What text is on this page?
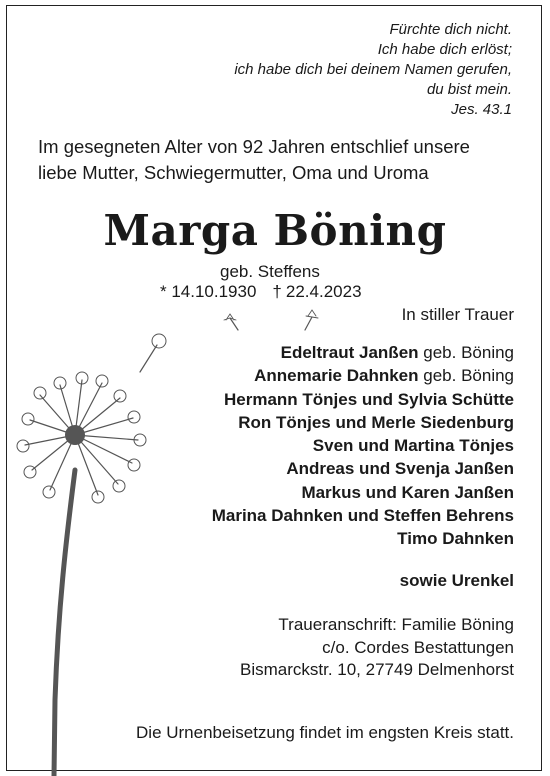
Fürchte dich nicht.
Ich habe dich erlöst;
ich habe dich bei deinem Namen gerufen,
du bist mein.
Jes. 43.1
Im gesegneten Alter von 92 Jahren entschlief unsere
liebe Mutter, Schwiegermutter, Oma und Uroma
Marga Böning
geb. Steffens
* 14.10.1930 † 22.4.2023
In stiller Trauer
Edeltraut Janßen geb. Böning
Annemarie Dahnken geb. Böning
Hermann Tönjes und Sylvia Schütte
Ron Tönjes und Merle Siedenburg
Sven und Martina Tönjes
Andreas und Svenja Janßen
Markus und Karen Janßen
Marina Dahnken und Steffen Behrens
Timo Dahnken
sowie Urenkel
Traueranschrift: Familie Böning
c/o. Cordes Bestattungen
Bismarckstr. 10, 27749 Delmenhorst
Die Urnenbeisetzung findet im engsten Kreis statt.
